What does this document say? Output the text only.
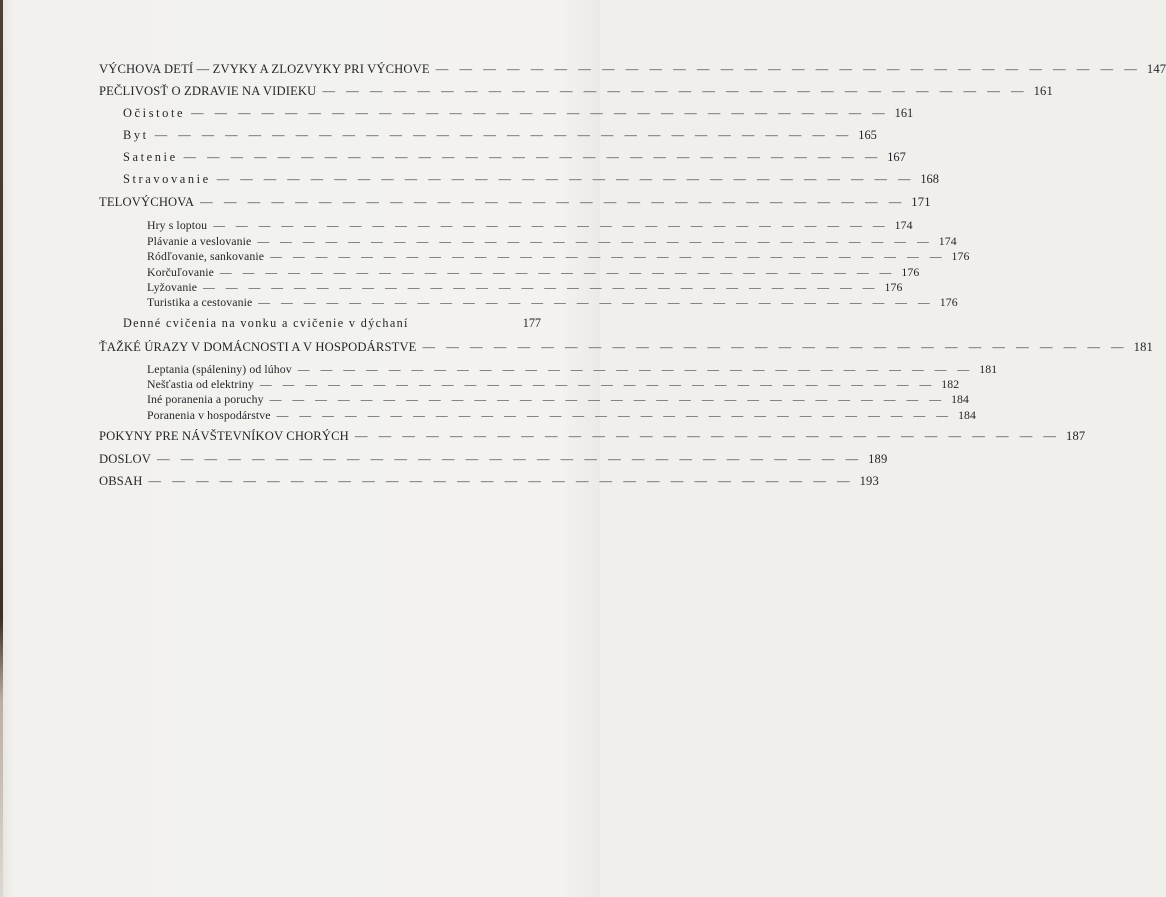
VÝCHOVA DETÍ — ZVYKY A ZLOZVYKY PRI VÝCHOVE — — — — — — — — — — — — — — — — — — — — — — — — — — — — — — 147
PEČLIVOSŤ O ZDRAVIE NA VIDIEKU — — — — — — — — — — — — — — — — — — — — — — — — — — — — — — 161
Očistote — — — — — — — — — — — — — — — — — — — — — — — — — — — — — — 161
Byt — — — — — — — — — — — — — — — — — — — — — — — — — — — — — — 165
Satenie — — — — — — — — — — — — — — — — — — — — — — — — — — — — — — 167
Stravovanie — — — — — — — — — — — — — — — — — — — — — — — — — — — — — — 168
TELOVÝCHOVA — — — — — — — — — — — — — — — — — — — — — — — — — — — — — — 171
Hry s loptou — — — — — — — — — — — — — — — — — — — — — — — — — — — — — — 174
Plávanie a veslovanie — — — — — — — — — — — — — — — — — — — — — — — — — — — — — — 174
Ródľovanie, sankovanie — — — — — — — — — — — — — — — — — — — — — — — — — — — — — — 176
Korčuľovanie — — — — — — — — — — — — — — — — — — — — — — — — — — — — — — 176
Lyžovanie — — — — — — — — — — — — — — — — — — — — — — — — — — — — — — 176
Turistika a cestovanie — — — — — — — — — — — — — — — — — — — — — — — — — — — — — — 176
Denné cvičenia na vonku a cvičenie v dýchaní	177
ŤAŽKÉ ÚRAZY V DOMÁCNOSTI A V HOSPODÁRSTVE — — — — — — — — — — — — — — — — — — — — — — — — — — — — — — 181
Leptania (spáleniny) od lúhov — — — — — — — — — — — — — — — — — — — — — — — — — — — — — — 181
Nešťastia od elektriny — — — — — — — — — — — — — — — — — — — — — — — — — — — — — — 182
Iné poranenia a poruchy — — — — — — — — — — — — — — — — — — — — — — — — — — — — — — 184
Poranenia v hospodárstve — — — — — — — — — — — — — — — — — — — — — — — — — — — — — — 184
POKYNY PRE NÁVŠTEVNÍKOV CHORÝCH — — — — — — — — — — — — — — — — — — — — — — — — — — — — — — 187
DOSLOV — — — — — — — — — — — — — — — — — — — — — — — — — — — — — — 189
OBSAH — — — — — — — — — — — — — — — — — — — — — — — — — — — — — — 193
